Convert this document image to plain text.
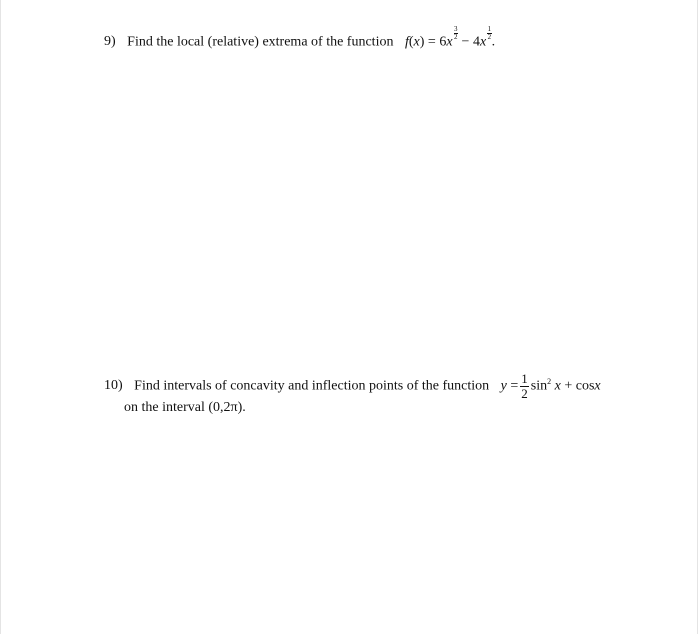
9) Find the local (relative) extrema of the function f(x) = 6x
$\frac{3}{2}$
− 4x
$\frac{1}{2}$
.
10) Find intervals of concavity and inflection points of the function $y = \frac{1}{2} \sin^2 x + \cos x$
on the interval (0,2π).
